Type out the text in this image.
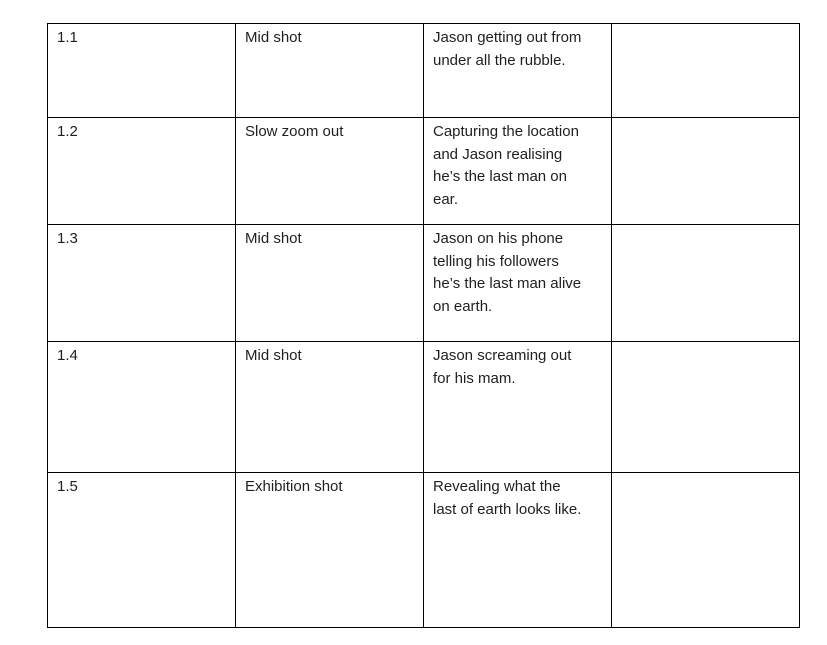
1.1	Mid shot	Jason getting out from
under all the rubble.	
1.2	Slow zoom out	Capturing the location
and Jason realising
he’s the last man on
ear.	
1.3	Mid shot	Jason on his phone
telling his followers
he’s the last man alive
on earth.	
1.4	Mid shot	Jason screaming out
for his mam.	
1.5	Exhibition shot	Revealing what the
last of earth looks like.	
